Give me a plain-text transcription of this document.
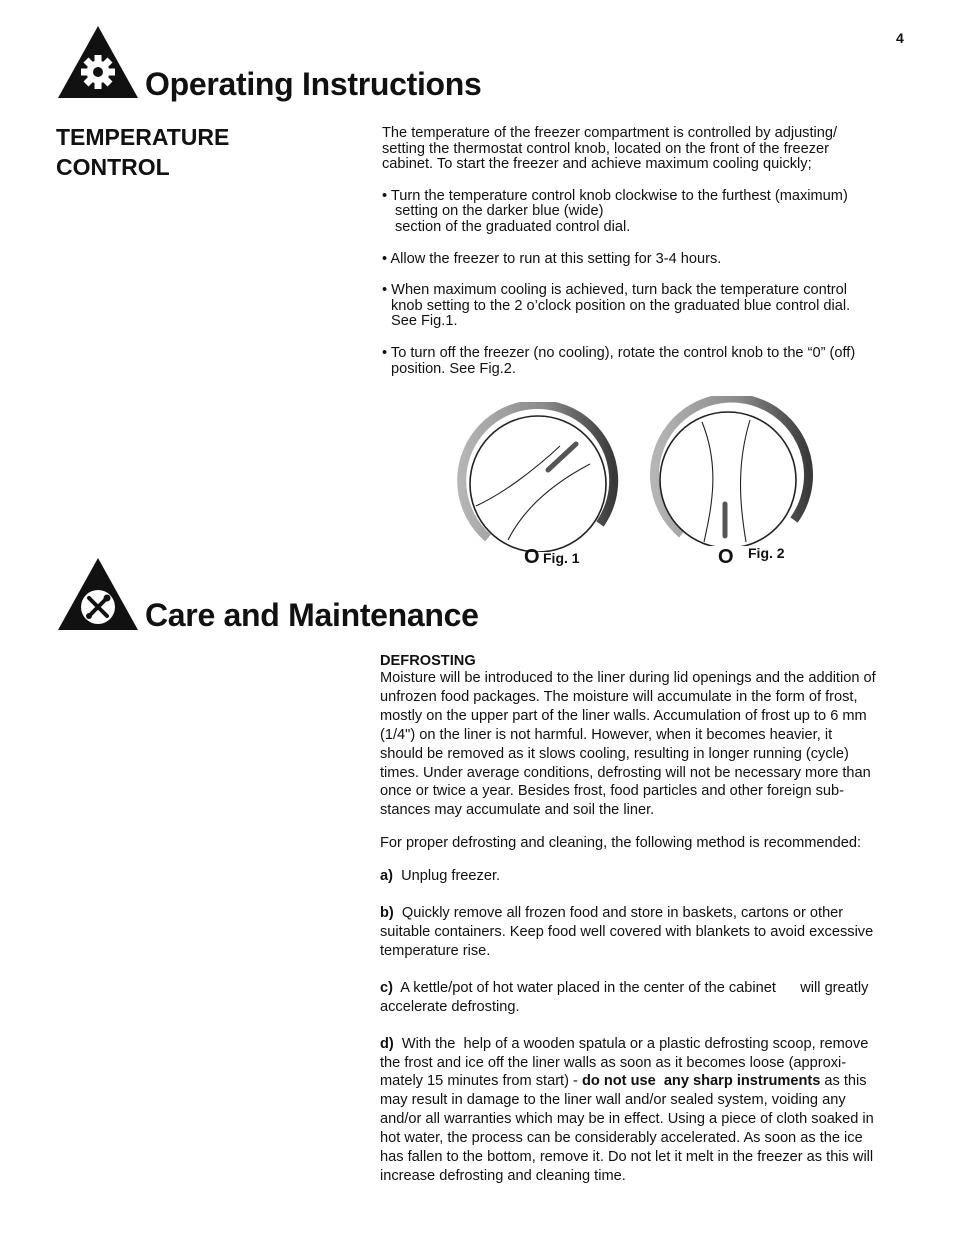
4
Operating Instructions
TEMPERATURE
CONTROL

The temperature of the freezer compartment is controlled by adjusting/

setting the thermostat control knob, located on the front of the freezer

cabinet. To start the freezer and achieve maximum cooling quickly;

• Turn the temperature control knob clockwise to the furthest (maximum)

setting on the darker blue (wide)

section of the graduated control dial.

• Allow the freezer to run at this setting for 3-4 hours.

• When maximum cooling is achieved, turn back the temperature control

knob setting to the 2 o’clock position on the graduated blue control dial.

See Fig.1.

• To turn off the freezer (no cooling), rotate the control knob to the “0” (off)

position. See Fig.2.

O Fig. 1	O Fig. 2
Care and Maintenance

DEFROSTING

Moisture will be introduced to the liner during lid openings and the addition of

unfrozen food packages. The moisture will accumulate in the form of frost,

mostly on the upper part of the liner walls. Accumulation of frost up to 6 mm

(1/4") on the liner is not harmful. However, when it becomes heavier, it

should be removed as it slows cooling, resulting in longer running (cycle)

times. Under average conditions, defrosting will not be necessary more than

once or twice a year. Besides frost, food particles and other foreign sub-

stances may accumulate and soil the liner.

For proper defrosting and cleaning, the following method is recommended:

a) Unplug freezer.

b) Quickly remove all frozen food and store in baskets, cartons or other

suitable containers. Keep food well covered with blankets to avoid excessive

temperature rise.

c) A kettle/pot of hot water placed in the center of the cabinet      will greatly

accelerate defrosting.

d) With the  help of a wooden spatula or a plastic defrosting scoop, remove

the frost and ice off the liner walls as soon as it becomes loose (approxi-

mately 15 minutes from start) - do not use  any sharp instruments as this

may result in damage to the liner wall and/or sealed system, voiding any

and/or all warranties which may be in effect. Using a piece of cloth soaked in

hot water, the process can be considerably accelerated. As soon as the ice

has fallen to the bottom, remove it. Do not let it melt in the freezer as this will

increase defrosting and cleaning time.
